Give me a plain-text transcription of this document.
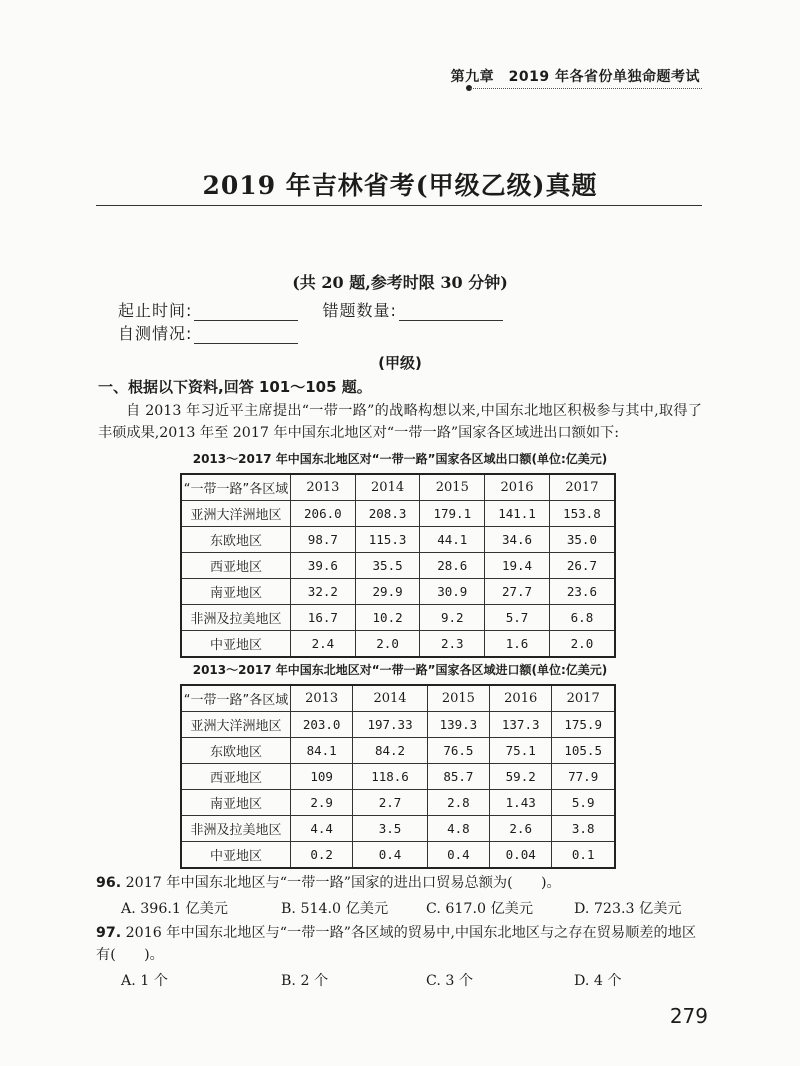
第九章　2019 年各省份单独命题考试
2019 年吉林省考(甲级乙级)真题
(共 20 题,参考时限 30 分钟)
起止时间:	错题数量: 自测情况:
(甲级)
一、根据以下资料,回答 101～105 题。
自 2013 年习近平主席提出“一带一路”的战略构想以来,中国东北地区积极参与其中,取得了丰硕成果,2013 年至 2017 年中国东北地区对“一带一路”国家各区域进出口额如下:
2013～2017 年中国东北地区对“一带一路”国家各区域出口额(单位:亿美元)
“一带一路”各区域	2013	2014	2015	2016	2017
亚洲大洋洲地区	206.0	208.3	179.1	141.1	153.8
东欧地区	98.7	115.3	44.1	34.6	35.0
西亚地区	39.6	35.5	28.6	19.4	26.7
南亚地区	32.2	29.9	30.9	27.7	23.6
非洲及拉美地区	16.7	10.2	9.2	5.7	6.8
中亚地区	2.4	2.0	2.3	1.6	2.0
2013～2017 年中国东北地区对“一带一路”国家各区域进口额(单位:亿美元)
“一带一路”各区域	2013	2014	2015	2016	2017
亚洲大洋洲地区	203.0	197.33	139.3	137.3	175.9
东欧地区	84.1	84.2	76.5	75.1	105.5
西亚地区	109	118.6	85.7	59.2	77.9
南亚地区	2.9	2.7	2.8	1.43	5.9
非洲及拉美地区	4.4	3.5	4.8	2.6	3.8
中亚地区	0.2	0.4	0.4	0.04	0.1
96. 2017 年中国东北地区与“一带一路”国家的进出口贸易总额为(　　)。
A. 396.1 亿美元	B. 514.0 亿美元	C. 617.0 亿美元	D. 723.3 亿美元
97. 2016 年中国东北地区与“一带一路”各区域的贸易中,中国东北地区与之存在贸易顺差的地区有(　　)。
A. 1 个	B. 2 个	C. 3 个	D. 4 个
279
